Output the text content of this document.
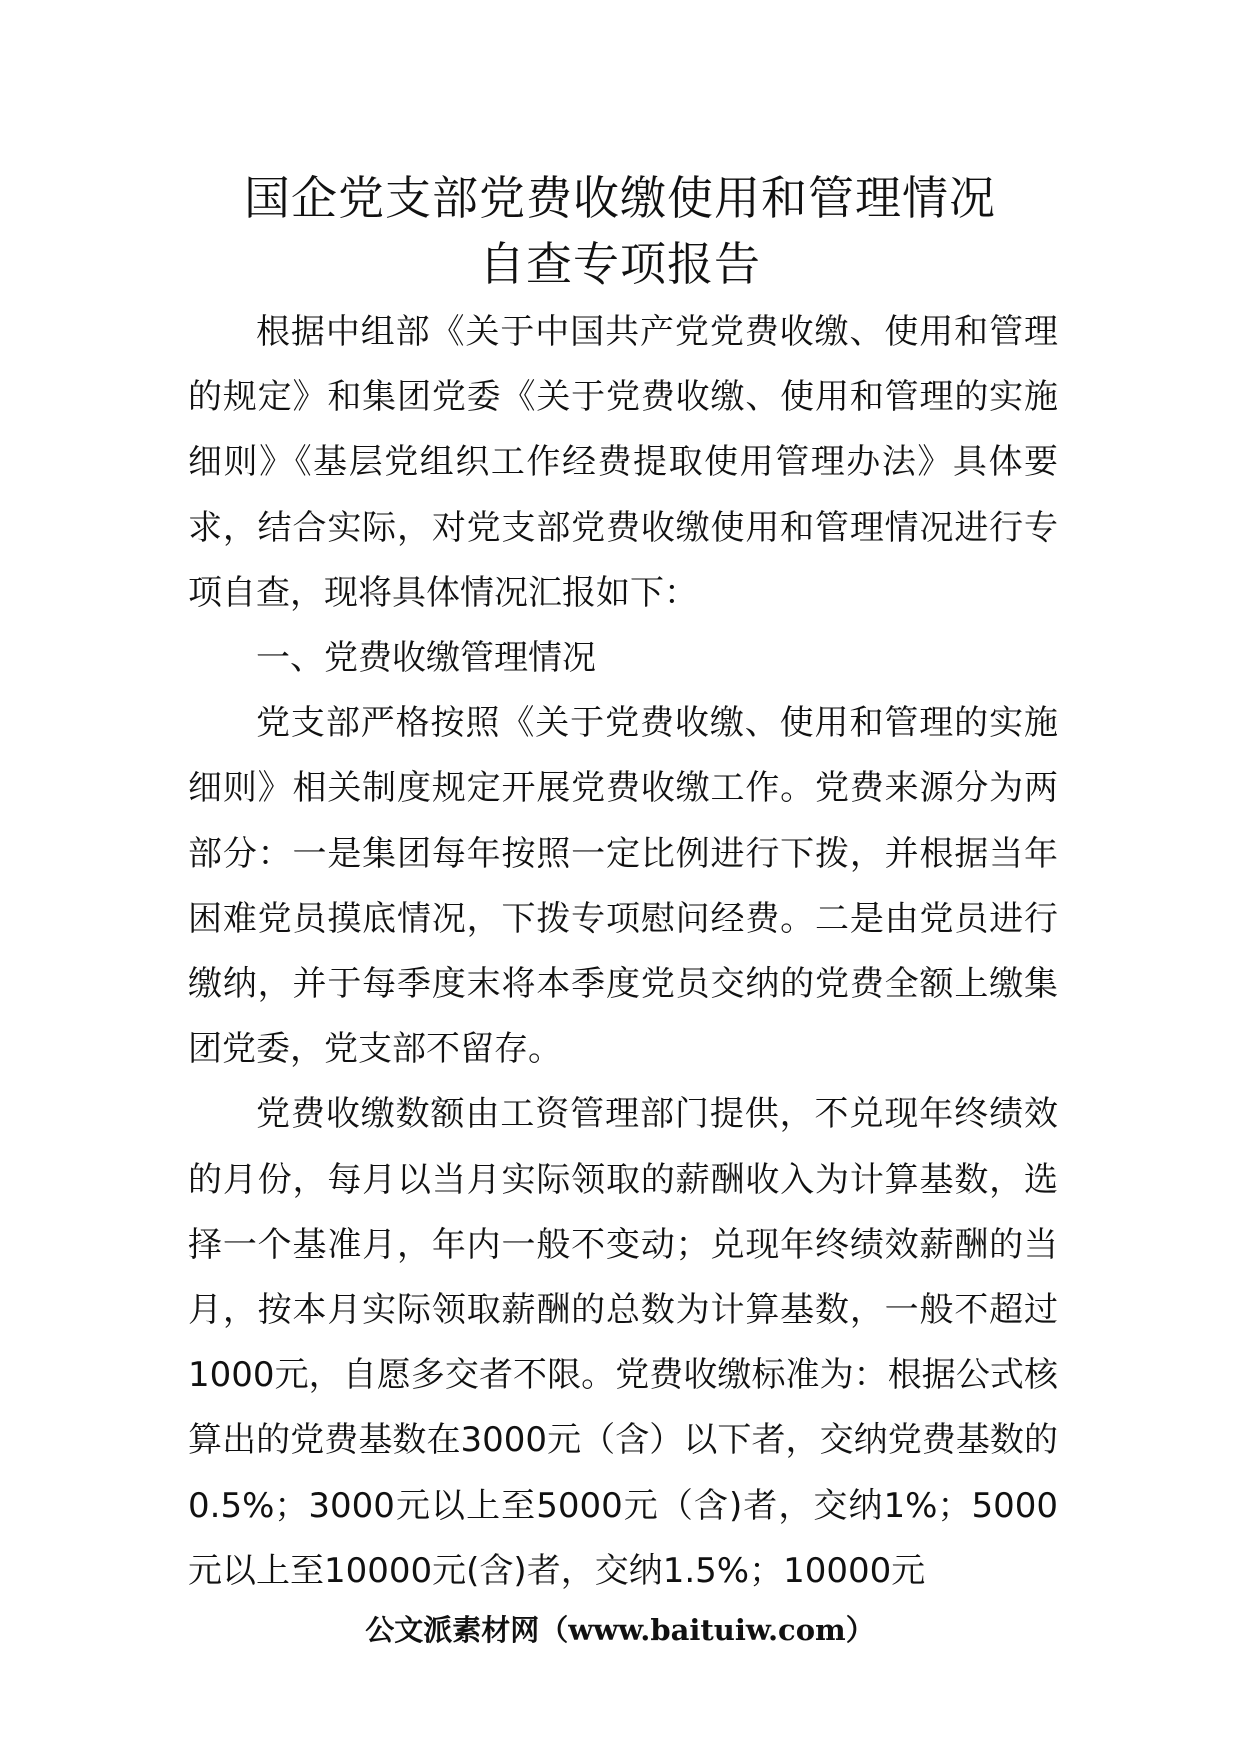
国企党支部党费收缴使用和管理情况
自查专项报告

根据中组部《关于中国共产党党费收缴、使用和管理的规定》和集团党委《关于党费收缴、使用和管理的实施细则》《基层党组织工作经费提取使用管理办法》具体要求，结合实际，对党支部党费收缴使用和管理情况进行专项自查，现将具体情况汇报如下：

一、党费收缴管理情况

党支部严格按照《关于党费收缴、使用和管理的实施细则》相关制度规定开展党费收缴工作。党费来源分为两部分：一是集团每年按照一定比例进行下拨，并根据当年困难党员摸底情况，下拨专项慰问经费。二是由党员进行缴纳，并于每季度末将本季度党员交纳的党费全额上缴集团党委，党支部不留存。

党费收缴数额由工资管理部门提供，不兑现年终绩效的月份，每月以当月实际领取的薪酬收入为计算基数，选择一个基准月，年内一般不变动；兑现年终绩效薪酬的当月，按本月实际领取薪酬的总数为计算基数，一般不超过1000元，自愿多交者不限。党费收缴标准为：根据公式核算出的党费基数在3000元（含）以下者，交纳党费基数的0.5%；3000元以上至5000元（含)者，交纳1%；5000元以上至10000元(含)者，交纳1.5%；10000元

公文派素材网（www.baituiw.com）
